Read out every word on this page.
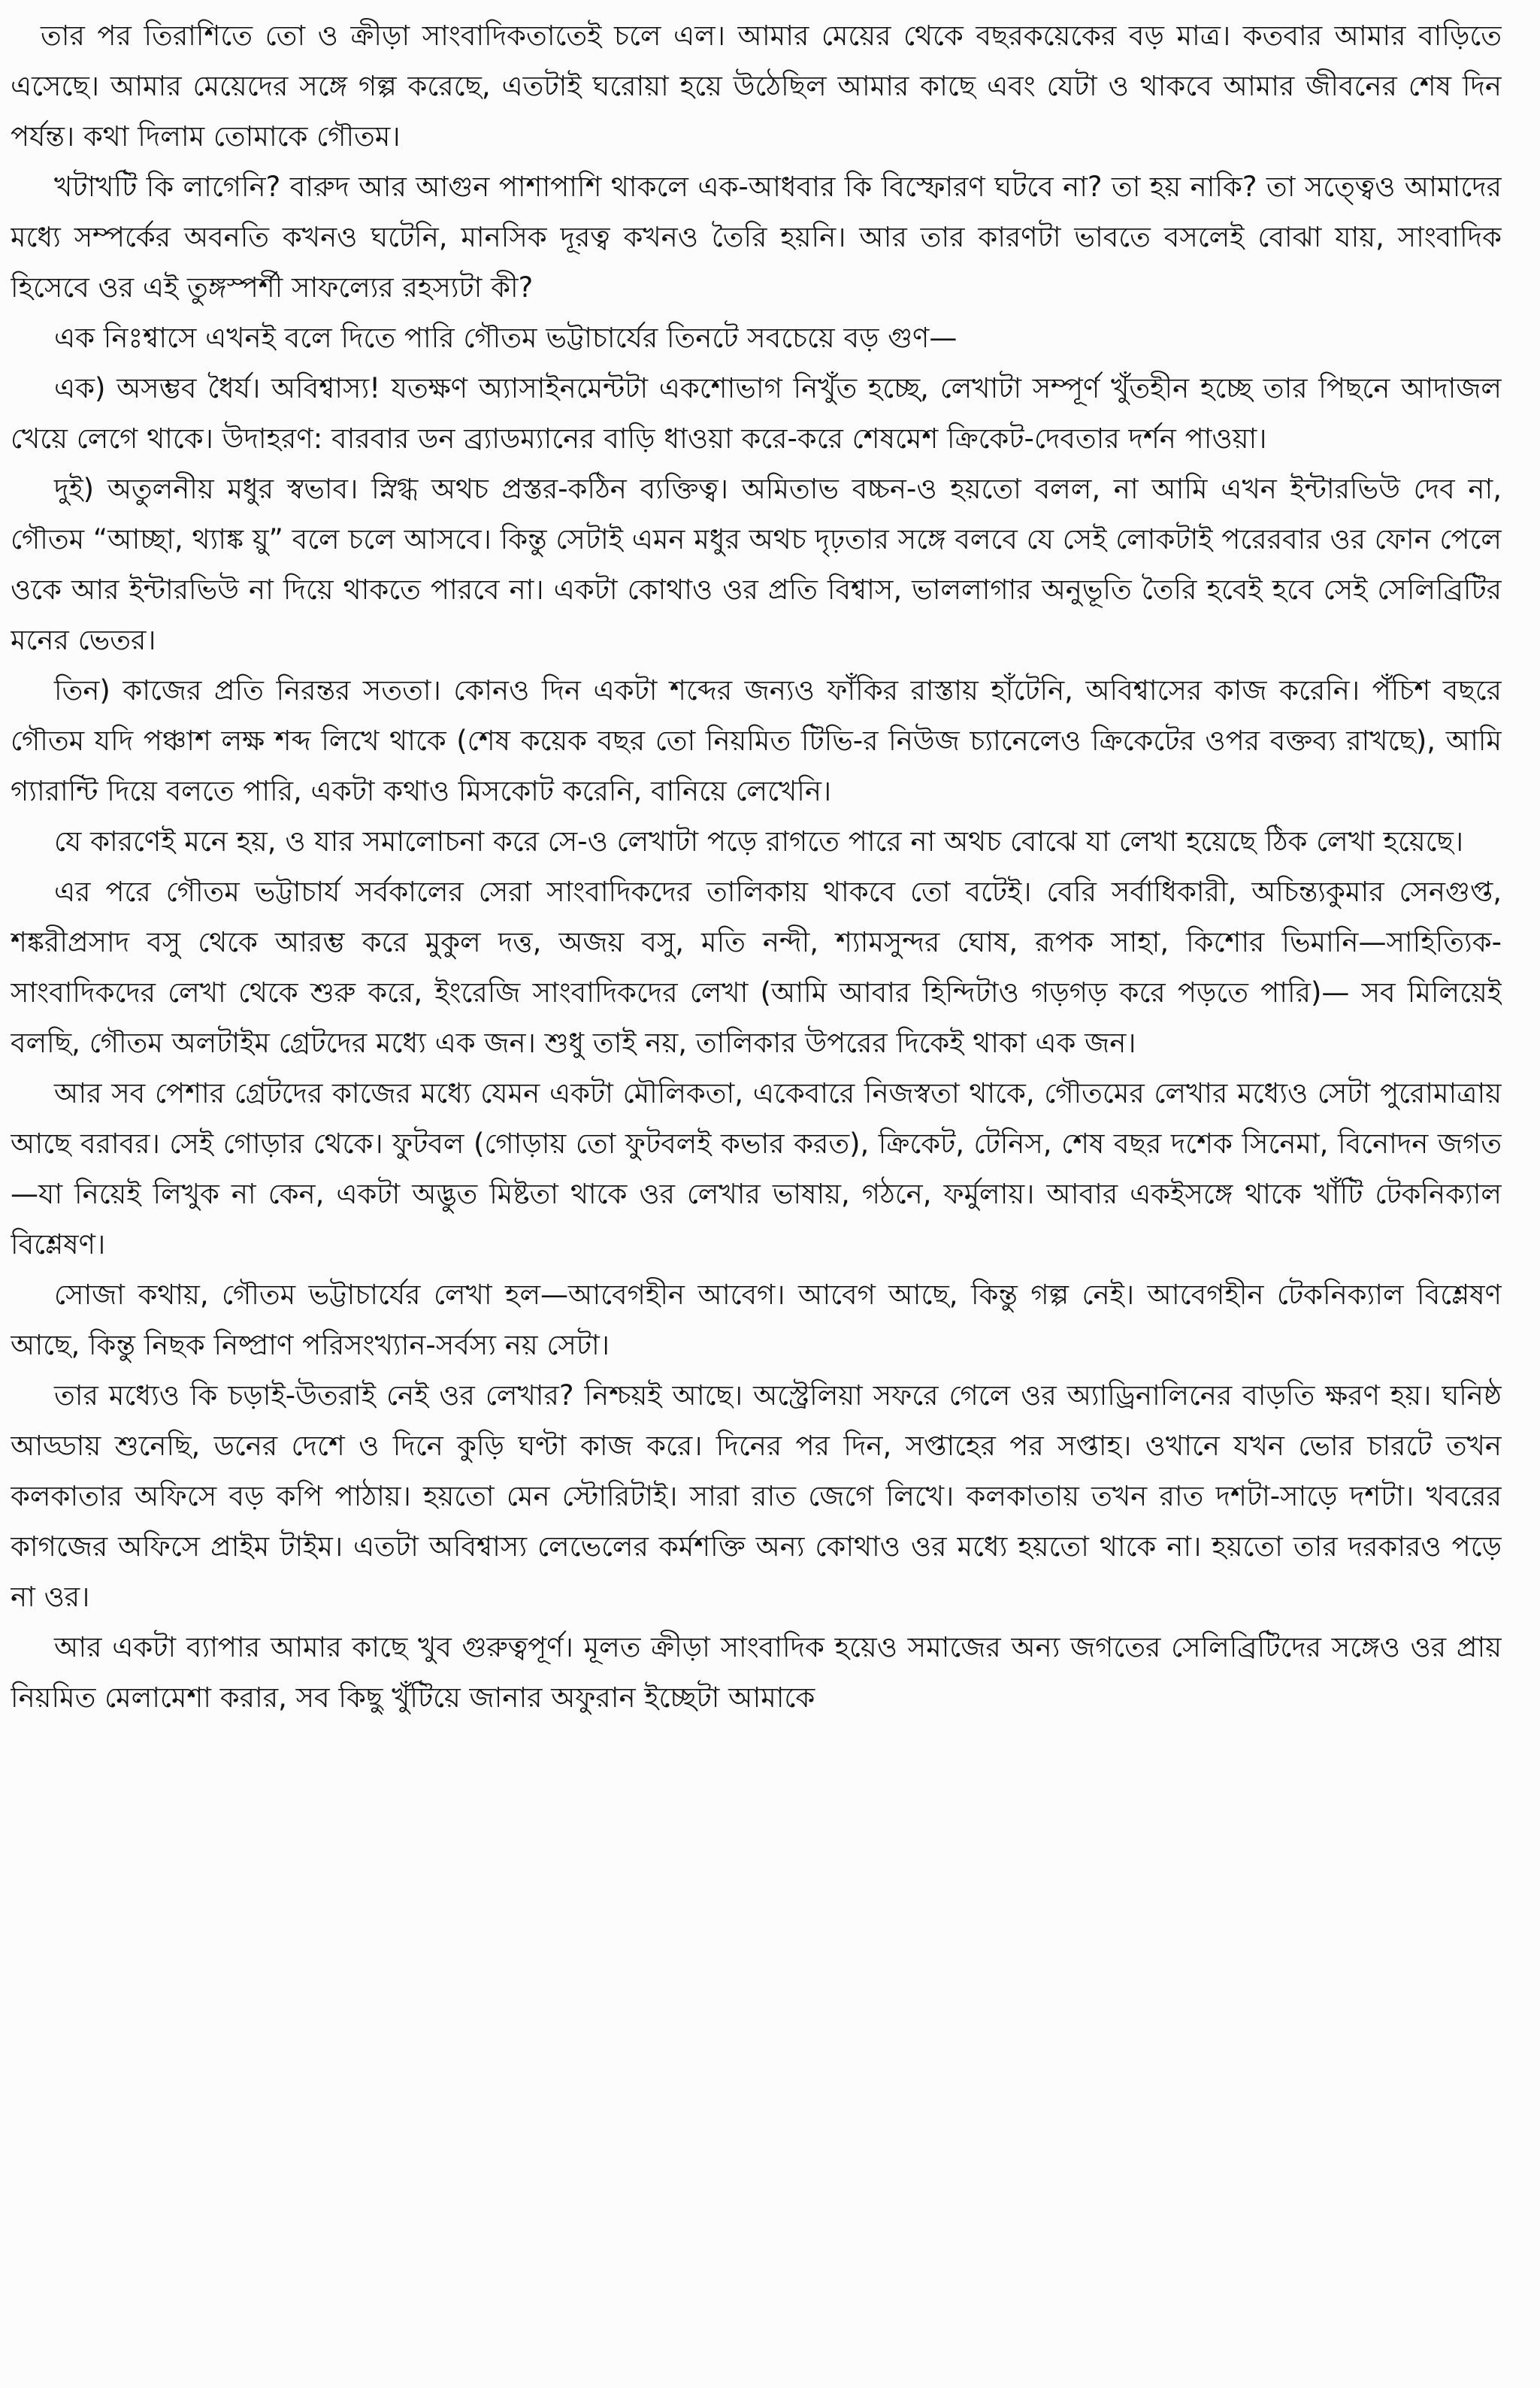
তার পর তিরাশিতে তো ও ক্রীড়া সাংবাদিকতাতেই চলে এল। আমার মেয়ের থেকে বছরকয়েকের বড় মাত্র। কতবার আমার বাড়িতে এসেছে। আমার মেয়েদের সঙ্গে গল্প করেছে, এতটাই ঘরোয়া হয়ে উঠেছিল আমার কাছে এবং যেটা ও থাকবে আমার জীবনের শেষ দিন পর্যন্ত। কথা দিলাম তোমাকে গৌতম।

খটাখটি কি লাগেনি? বারুদ আর আগুন পাশাপাশি থাকলে এক-আধবার কি বিস্ফোরণ ঘটবে না? তা হয় নাকি? তা সত্ত্বেও আমাদের মধ্যে সম্পর্কের অবনতি কখনও ঘটেনি, মানসিক দূরত্ব কখনও তৈরি হয়নি। আর তার কারণটা ভাবতে বসলেই বোঝা যায়, সাংবাদিক হিসেবে ওর এই তুঙ্গস্পর্শী সাফল্যের রহস্যটা কী?

এক নিঃশ্বাসে এখনই বলে দিতে পারি গৌতম ভট্টাচার্যের তিনটে সবচেয়ে বড় গুণ—

এক) অসম্ভব ধৈর্য। অবিশ্বাস্য! যতক্ষণ অ্যাসাইনমেন্টটা একশোভাগ নিখুঁত হচ্ছে, লেখাটা সম্পূর্ণ খুঁতহীন হচ্ছে তার পিছনে আদাজল খেয়ে লেগে থাকে। উদাহরণ: বারবার ডন ব্র্যাডম্যানের বাড়ি ধাওয়া করে-করে শেষমেশ ক্রিকেট-দেবতার দর্শন পাওয়া।

দুই) অতুলনীয় মধুর স্বভাব। স্নিগ্ধ অথচ প্রস্তর-কঠিন ব্যক্তিত্ব। অমিতাভ বচ্চন-ও হয়তো বলল, না আমি এখন ইন্টারভিউ দেব না, গৌতম “আচ্ছা, থ্যাঙ্ক য়ু” বলে চলে আসবে। কিন্তু সেটাই এমন মধুর অথচ দৃঢ়তার সঙ্গে বলবে যে সেই লোকটাই পরেরবার ওর ফোন পেলে ওকে আর ইন্টারভিউ না দিয়ে থাকতে পারবে না। একটা কোথাও ওর প্রতি বিশ্বাস, ভাললাগার অনুভূতি তৈরি হবেই হবে সেই সেলিব্রিটির মনের ভেতর।

তিন) কাজের প্রতি নিরন্তর সততা। কোনও দিন একটা শব্দের জন্যও ফাঁকির রাস্তায় হাঁটেনি, অবিশ্বাসের কাজ করেনি। পঁচিশ বছরে গৌতম যদি পঞ্চাশ লক্ষ শব্দ লিখে থাকে (শেষ কয়েক বছর তো নিয়মিত টিভি-র নিউজ চ্যানেলেও ক্রিকেটের ওপর বক্তব্য রাখছে), আমি গ্যারান্টি দিয়ে বলতে পারি, একটা কথাও মিসকোট করেনি, বানিয়ে লেখেনি।

যে কারণেই মনে হয়, ও যার সমালোচনা করে সে-ও লেখাটা পড়ে রাগতে পারে না অথচ বোঝে যা লেখা হয়েছে ঠিক লেখা হয়েছে।

এর পরে গৌতম ভট্টাচার্য সর্বকালের সেরা সাংবাদিকদের তালিকায় থাকবে তো বটেই। বেরি সর্বাধিকারী, অচিন্ত্যকুমার সেনগুপ্ত, শঙ্করীপ্রসাদ বসু থেকে আরম্ভ করে মুকুল দত্ত, অজয় বসু, মতি নন্দী, শ্যামসুন্দর ঘোষ, রূপক সাহা, কিশোর ভিমানি—সাহিত্যিক-সাংবাদিকদের লেখা থেকে শুরু করে, ইংরেজি সাংবাদিকদের লেখা (আমি আবার হিন্দিটাও গড়গড় করে পড়তে পারি)— সব মিলিয়েই বলছি, গৌতম অলটাইম গ্রেটদের মধ্যে এক জন। শুধু তাই নয়, তালিকার উপরের দিকেই থাকা এক জন।

আর সব পেশার গ্রেটদের কাজের মধ্যে যেমন একটা মৌলিকতা, একেবারে নিজস্বতা থাকে, গৌতমের লেখার মধ্যেও সেটা পুরোমাত্রায় আছে বরাবর। সেই গোড়ার থেকে। ফুটবল (গোড়ায় তো ফুটবলই কভার করত), ক্রিকেট, টেনিস, শেষ বছর দশেক সিনেমা, বিনোদন জগত—যা নিয়েই লিখুক না কেন, একটা অদ্ভুত মিষ্টতা থাকে ওর লেখার ভাষায়, গঠনে, ফর্মুলায়। আবার একইসঙ্গে থাকে খাঁটি টেকনিক্যাল বিশ্লেষণ।

সোজা কথায়, গৌতম ভট্টাচার্যের লেখা হল—আবেগহীন আবেগ। আবেগ আছে, কিন্তু গল্প নেই। আবেগহীন টেকনিক্যাল বিশ্লেষণ আছে, কিন্তু নিছক নিষ্প্রাণ পরিসংখ্যান-সর্বস্য নয় সেটা।

তার মধ্যেও কি চড়াই-উতরাই নেই ওর লেখার? নিশ্চয়ই আছে। অস্ট্রেলিয়া সফরে গেলে ওর অ্যাড্রিনালিনের বাড়তি ক্ষরণ হয়। ঘনিষ্ঠ আড্ডায় শুনেছি, ডনের দেশে ও দিনে কুড়ি ঘণ্টা কাজ করে। দিনের পর দিন, সপ্তাহের পর সপ্তাহ। ওখানে যখন ভোর চারটে তখন কলকাতার অফিসে বড় কপি পাঠায়। হয়তো মেন স্টোরিটাই। সারা রাত জেগে লিখে। কলকাতায় তখন রাত দশটা-সাড়ে দশটা। খবরের কাগজের অফিসে প্রাইম টাইম। এতটা অবিশ্বাস্য লেভেলের কর্মশক্তি অন্য কোথাও ওর মধ্যে হয়তো থাকে না। হয়তো তার দরকারও পড়ে না ওর।

আর একটা ব্যাপার আমার কাছে খুব গুরুত্বপূর্ণ। মূলত ক্রীড়া সাংবাদিক হয়েও সমাজের অন্য জগতের সেলিব্রিটিদের সঙ্গেও ওর প্রায় নিয়মিত মেলামেশা করার, সব কিছু খুঁটিয়ে জানার অফুরান ইচ্ছেটা আমাকে
